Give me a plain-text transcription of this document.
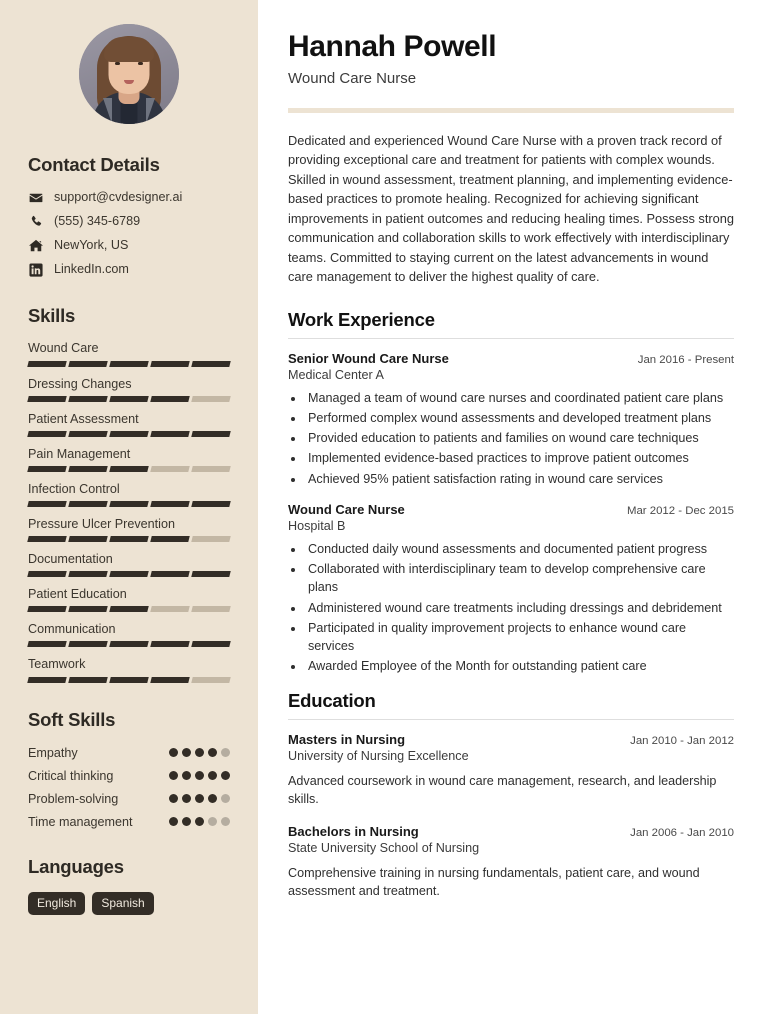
Contact Details
support@cvdesigner.ai
(555) 345-6789
NewYork, US
LinkedIn.com
Skills
Wound Care
Dressing Changes
Patient Assessment
Pain Management
Infection Control
Pressure Ulcer Prevention
Documentation
Patient Education
Communication
Teamwork
Soft Skills
Empathy
Critical thinking
Problem-solving
Time management
Languages
English	Spanish
Hannah Powell
Wound Care Nurse

Dedicated and experienced Wound Care Nurse with a proven track record of providing exceptional care and treatment for patients with complex wounds. Skilled in wound assessment, treatment planning, and implementing evidence-based practices to promote healing. Recognized for achieving significant improvements in patient outcomes and reducing healing times. Possess strong communication and collaboration skills to work effectively with interdisciplinary teams. Committed to staying current on the latest advancements in wound care management to deliver the highest quality of care.

Work Experience
Senior Wound Care Nurse	Jan 2016 - Present
Medical Center A
• Managed a team of wound care nurses and coordinated patient care plans
• Performed complex wound assessments and developed treatment plans
• Provided education to patients and families on wound care techniques
• Implemented evidence-based practices to improve patient outcomes
• Achieved 95% patient satisfaction rating in wound care services
Wound Care Nurse	Mar 2012 - Dec 2015
Hospital B
• Conducted daily wound assessments and documented patient progress
• Collaborated with interdisciplinary team to develop comprehensive care plans
• Administered wound care treatments including dressings and debridement
• Participated in quality improvement projects to enhance wound care services
• Awarded Employee of the Month for outstanding patient care
Education
Masters in Nursing	Jan 2010 - Jan 2012
University of Nursing Excellence
Advanced coursework in wound care management, research, and leadership skills.
Bachelors in Nursing	Jan 2006 - Jan 2010
State University School of Nursing
Comprehensive training in nursing fundamentals, patient care, and wound assessment and treatment.
